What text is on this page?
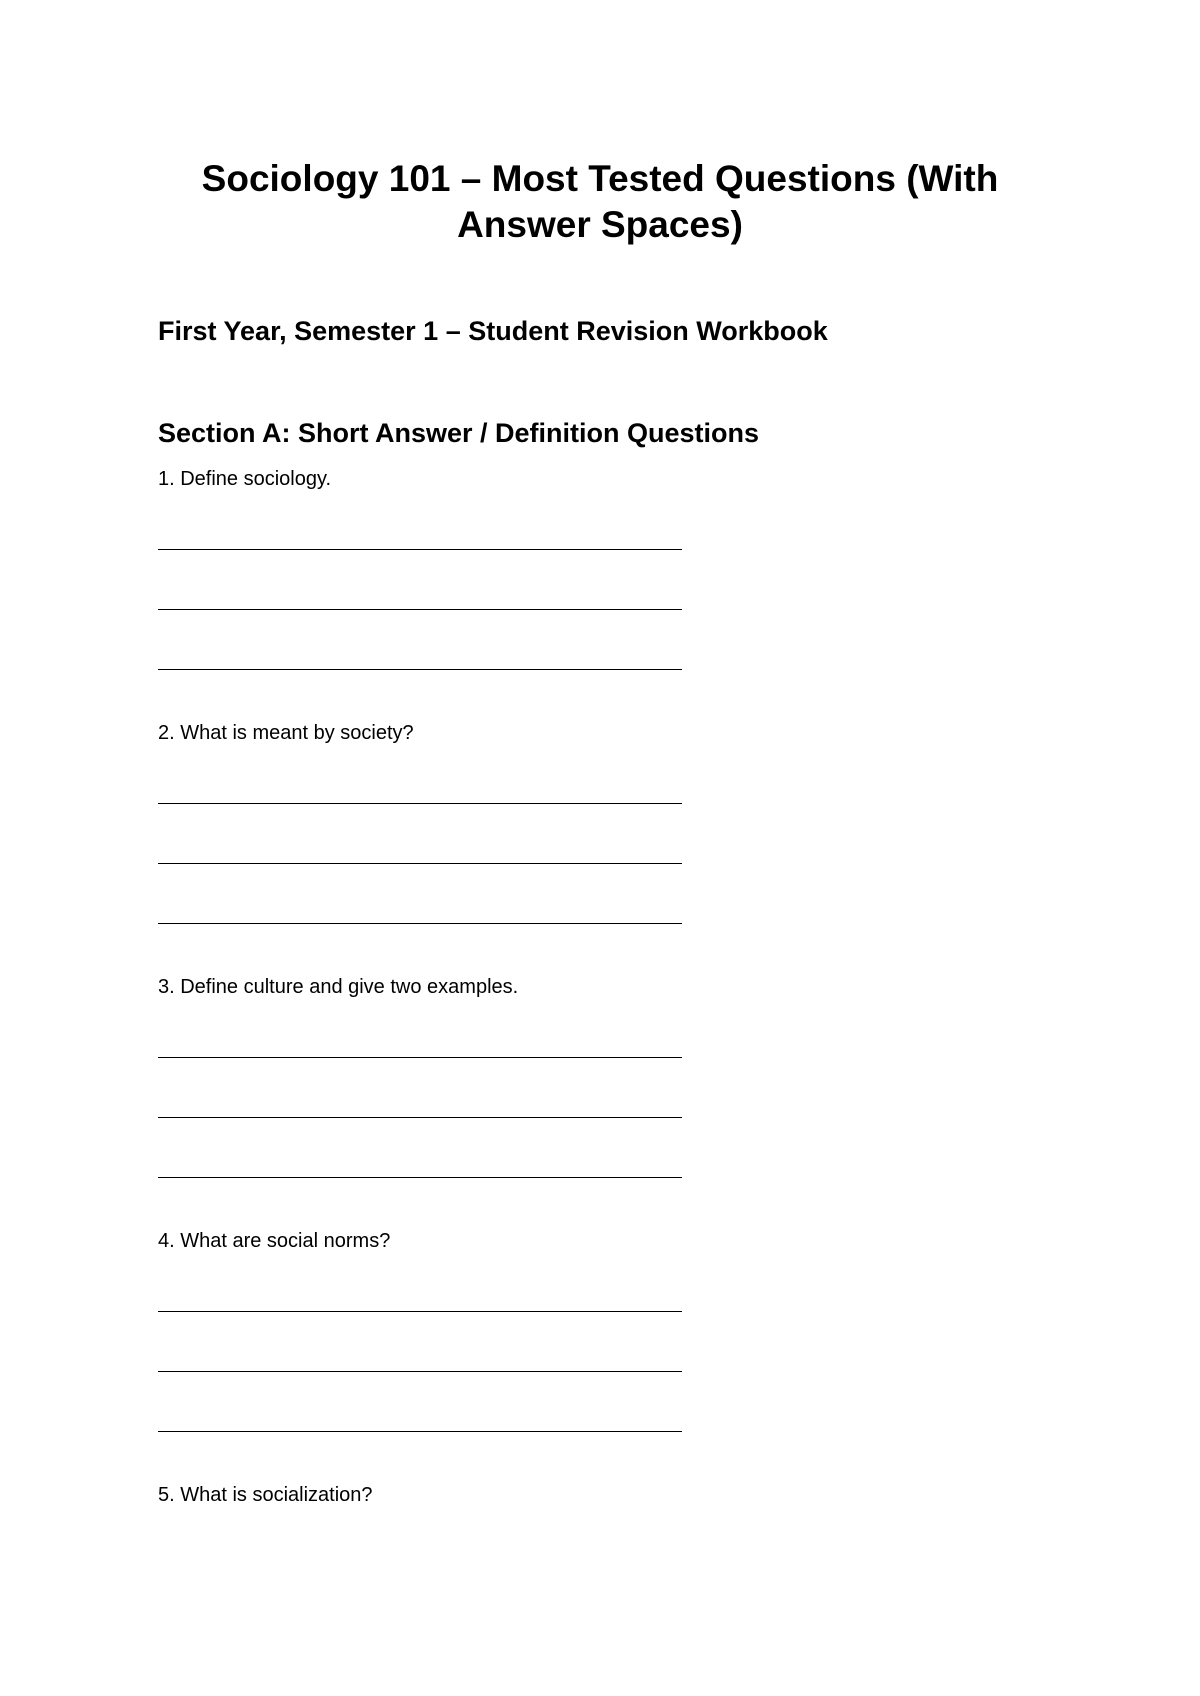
Sociology 101 – Most Tested Questions (With Answer Spaces)
First Year, Semester 1 – Student Revision Workbook
Section A: Short Answer / Definition Questions

1. Define sociology.

2. What is meant by society?

3. Define culture and give two examples.

4. What are social norms?

5. What is socialization?
